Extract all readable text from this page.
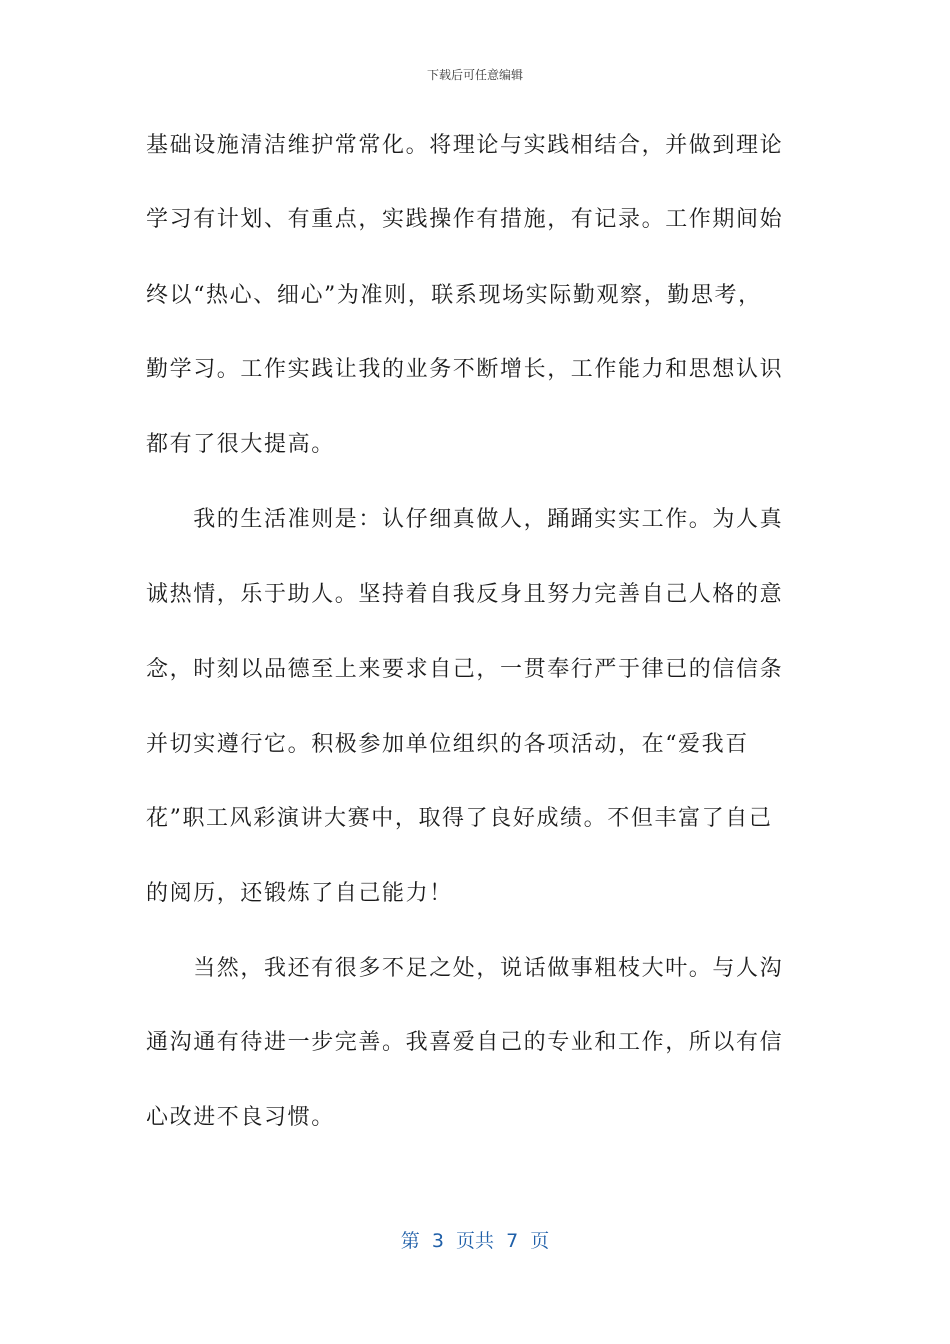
下载后可任意编辑
基础设施清洁维护常常化。将理论与实践相结合，并做到理论
学习有计划、有重点，实践操作有措施，有记录。工作期间始
终以“热心、细心”为准则，联系现场实际勤观察，勤思考，
勤学习。工作实践让我的业务不断增长，工作能力和思想认识
都有了很大提高。
　　我的生活准则是：认仔细真做人，踊踊实实工作。为人真
诚热情，乐于助人。坚持着自我反身且努力完善自己人格的意
念，时刻以品德至上来要求自己，一贯奉行严于律已的信信条
并切实遵行它。积极参加单位组织的各项活动，在“爱我百
花”职工风彩演讲大赛中，取得了良好成绩。不但丰富了自己
的阅历，还锻炼了自己能力！
　　当然，我还有很多不足之处，说话做事粗枝大叶。与人沟
通沟通有待进一步完善。我喜爱自己的专业和工作，所以有信
心改进不良习惯。
第  3  页共  7  页
